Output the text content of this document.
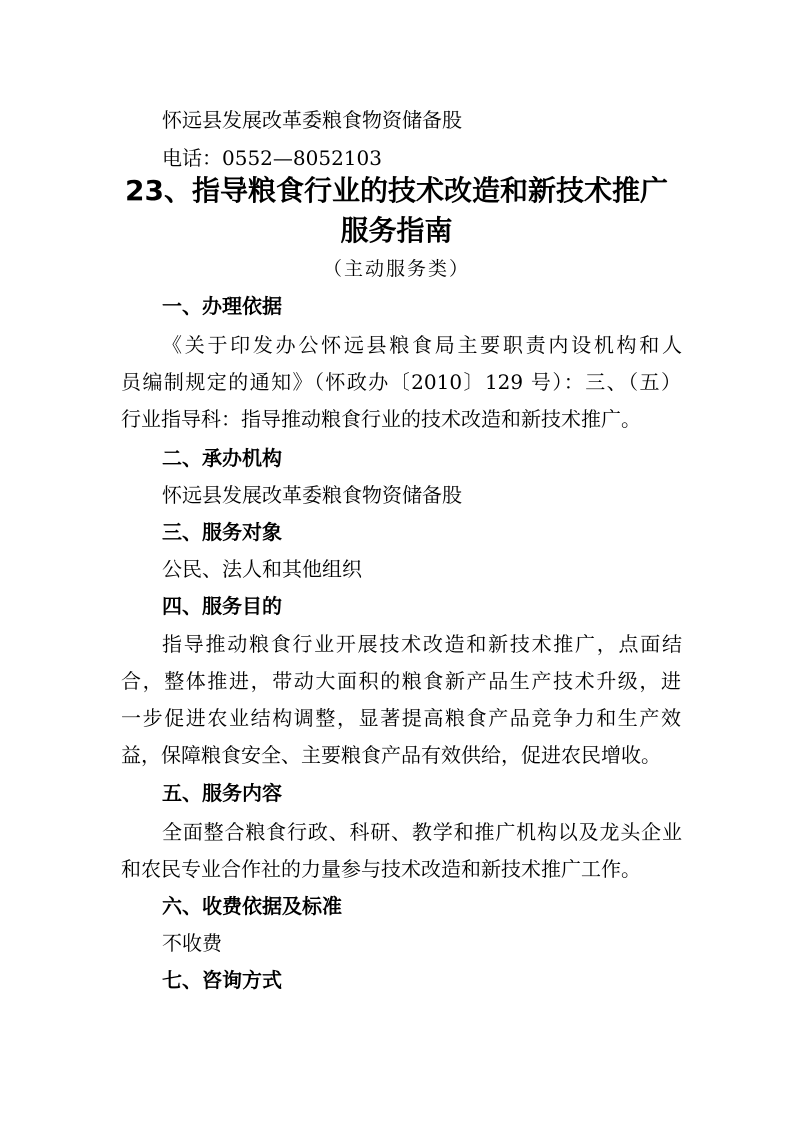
怀远县发展改革委粮食物资储备股
电话：0552—8052103
23、指导粮食行业的技术改造和新技术推广
服务指南
（主动服务类）
一、办理依据
《关于印发办公怀远县粮食局主要职责内设机构和人
员编制规定的通知》（怀政办〔2010〕129 号）：三、（五）
行业指导科：指导推动粮食行业的技术改造和新技术推广。
二、承办机构
怀远县发展改革委粮食物资储备股
三、服务对象
公民、法人和其他组织
四、服务目的
指导推动粮食行业开展技术改造和新技术推广，点面结
合，整体推进，带动大面积的粮食新产品生产技术升级，进
一步促进农业结构调整，显著提高粮食产品竞争力和生产效
益，保障粮食安全、主要粮食产品有效供给，促进农民增收。
五、服务内容
全面整合粮食行政、科研、教学和推广机构以及龙头企业
和农民专业合作社的力量参与技术改造和新技术推广工作。
六、收费依据及标准
不收费
七、咨询方式
